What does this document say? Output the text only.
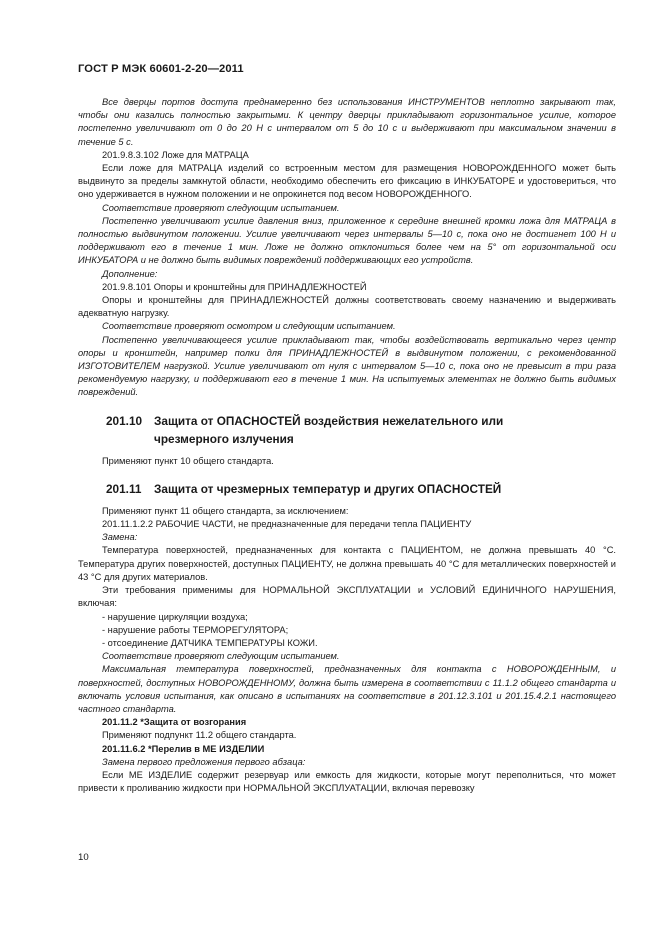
ГОСТ Р МЭК 60601-2-20—2011

Все дверцы портов доступа преднамеренно без использования ИНСТРУМЕНТОВ неплотно закрывают так, чтобы они казались полностью закрытыми. К центру дверцы прикладывают горизонтальное усилие, которое постепенно увеличивают от 0 до 20 Н с интервалом от 5 до 10 с и выдерживают при максимальном значении в течение 5 с.

201.9.8.3.102 Ложе для МАТРАЦА

Если ложе для МАТРАЦА изделий со встроенным местом для размещения НОВОРОЖДЕННОГО может быть выдвинуто за пределы замкнутой области, необходимо обеспечить его фиксацию в ИНКУБАТОРЕ и удостовериться, что оно удерживается в нужном положении и не опрокинется под весом НОВОРОЖДЕННОГО.

Соответствие проверяют следующим испытанием.

Постепенно увеличивают усилие давления вниз, приложенное к середине внешней кромки ложа для МАТРАЦА в полностью выдвинутом положении. Усилие увеличивают через интервалы 5—10 с, пока оно не достигнет 100 Н и поддерживают его в течение 1 мин. Ложе не должно отклониться более чем на 5° от горизонтальной оси ИНКУБАТОРА и не должно быть видимых повреждений поддерживающих его устройств.

Дополнение:

201.9.8.101 Опоры и кронштейны для ПРИНАДЛЕЖНОСТЕЙ

Опоры и кронштейны для ПРИНАДЛЕЖНОСТЕЙ должны соответствовать своему назначению и выдерживать адекватную нагрузку.

Соответствие проверяют осмотром и следующим испытанием.

Постепенно увеличивающееся усилие прикладывают так, чтобы воздействовать вертикально через центр опоры и кронштейн, например полки для ПРИНАДЛЕЖНОСТЕЙ в выдвинутом положении, с рекомендованной ИЗГОТОВИТЕЛЕМ нагрузкой. Усилие увеличивают от нуля с интервалом 5—10 с, пока оно не превысит в три раза рекомендуемую нагрузку, и поддерживают его в течение 1 мин. На испытуемых элементах не должно быть видимых повреждений.

201.10 Защита от ОПАСНОСТЕЙ воздействия нежелательного или
чрезмерного излучения

Применяют пункт 10 общего стандарта.

201.11 Защита от чрезмерных температур и других ОПАСНОСТЕЙ

Применяют пункт 11 общего стандарта, за исключением:

201.11.1.2.2 РАБОЧИЕ ЧАСТИ, не предназначенные для передачи тепла ПАЦИЕНТУ

Замена:

Температура поверхностей, предназначенных для контакта с ПАЦИЕНТОМ, не должна превышать 40 °С. Температура других поверхностей, доступных ПАЦИЕНТУ, не должна превышать 40 °С для металлических поверхностей и 43 °С для других материалов.

Эти требования применимы для НОРМАЛЬНОЙ ЭКСПЛУАТАЦИИ и УСЛОВИЙ ЕДИНИЧНОГО НАРУШЕНИЯ, включая:

- нарушение циркуляции воздуха;

- нарушение работы ТЕРМОРЕГУЛЯТОРА;

- отсоединение ДАТЧИКА ТЕМПЕРАТУРЫ КОЖИ.

Соответствие проверяют следующим испытанием.

Максимальная температура поверхностей, предназначенных для контакта с НОВОРОЖДЕННЫМ, и поверхностей, доступных НОВОРОЖДЕННОМУ, должна быть измерена в соответствии с 11.1.2 общего стандарта и включать условия испытания, как описано в испытаниях на соответствие в 201.12.3.101 и 201.15.4.2.1 настоящего частного стандарта.

201.11.2 *Защита от возгорания

Применяют подпункт 11.2 общего стандарта.

201.11.6.2 *Перелив в МЕ ИЗДЕЛИИ

Замена первого предложения первого абзаца:

Если МЕ ИЗДЕЛИЕ содержит резервуар или емкость для жидкости, которые могут переполниться, что может привести к проливанию жидкости при НОРМАЛЬНОЙ ЭКСПЛУАТАЦИИ, включая перевозку

10
